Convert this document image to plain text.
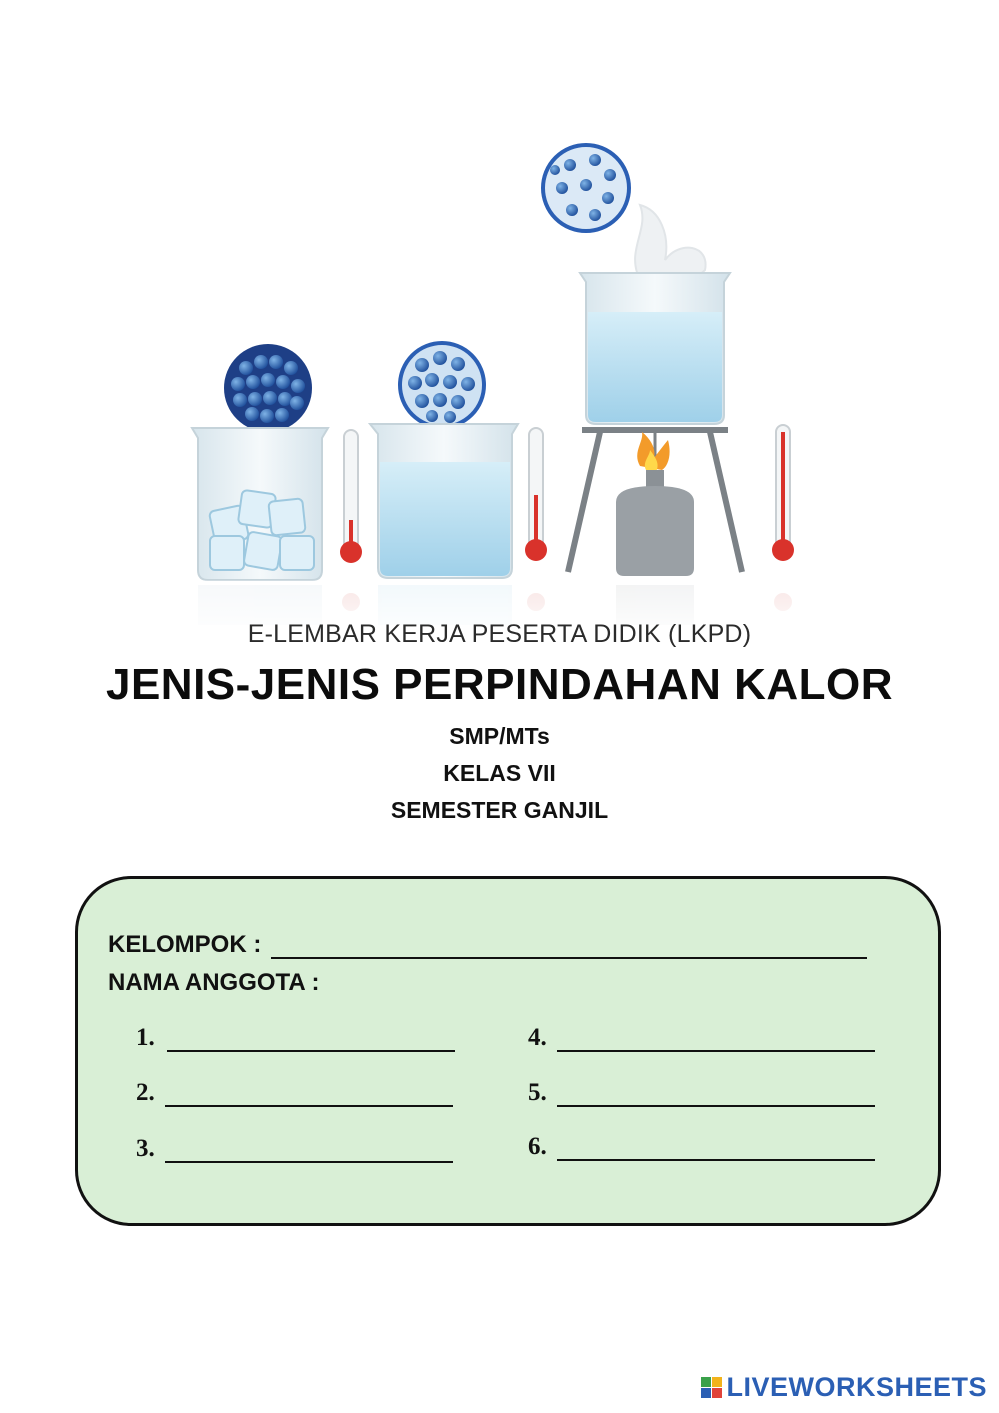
E-LEMBAR KERJA PESERTA DIDIK (LKPD)
JENIS-JENIS PERPINDAHAN KALOR
SMP/MTs
KELAS VII
SEMESTER GANJIL
KELOMPOK :
NAMA ANGGOTA :
1.
2.
3.
4.
5.
6.
LIVEWORKSHEETS
